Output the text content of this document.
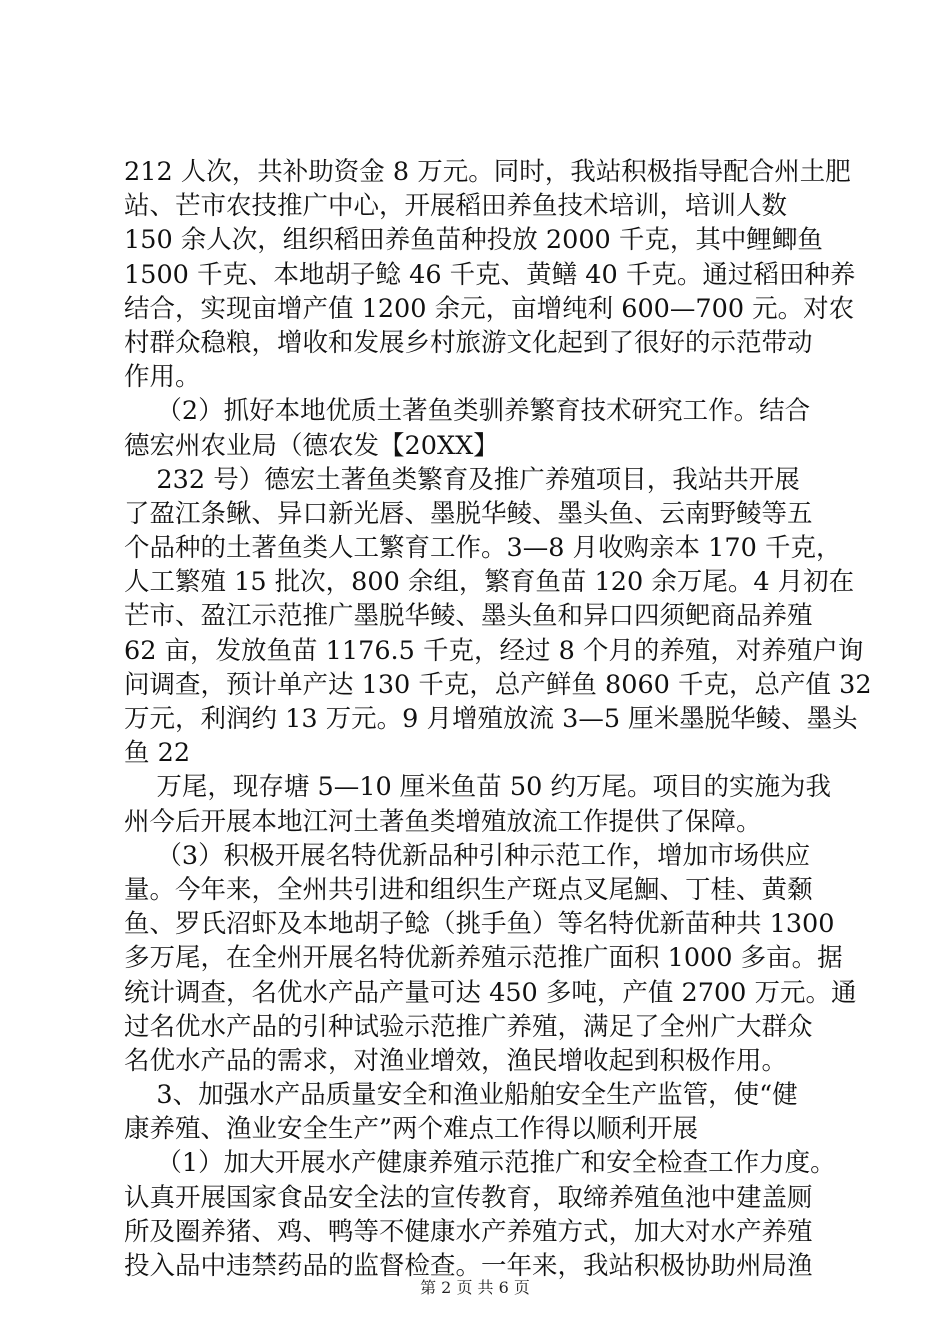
212 人次，共补助资金 8 万元。同时，我站积极指导配合州土肥
站、芒市农技推广中心，开展稻田养鱼技术培训，培训人数
150 余人次，组织稻田养鱼苗种投放 2000 千克，其中鲤鲫鱼
1500 千克、本地胡子鲶 46 千克、黄鳝 40 千克。通过稻田种养
结合，实现亩增产值 1200 余元，亩增纯利 600—700 元。对农
村群众稳粮，增收和发展乡村旅游文化起到了很好的示范带动
作用。
（2）抓好本地优质土著鱼类驯养繁育技术研究工作。结合
德宏州农业局（德农发【20XX】
232 号）德宏土著鱼类繁育及推广养殖项目，我站共开展
了盈江条鳅、异口新光唇、墨脱华鲮、墨头鱼、云南野鲮等五
个品种的土著鱼类人工繁育工作。3—8 月收购亲本 170 千克，
人工繁殖 15 批次，800 余组，繁育鱼苗 120 余万尾。4 月初在
芒市、盈江示范推广墨脱华鲮、墨头鱼和异口四须鲃商品养殖
62 亩，发放鱼苗 1176.5 千克，经过 8 个月的养殖，对养殖户询
问调查，预计单产达 130 千克，总产鲜鱼 8060 千克，总产值 32
万元，利润约 13 万元。9 月增殖放流 3—5 厘米墨脱华鲮、墨头
鱼 22
万尾，现存塘 5—10 厘米鱼苗 50 约万尾。项目的实施为我
州今后开展本地江河土著鱼类增殖放流工作提供了保障。
（3）积极开展名特优新品种引种示范工作，增加市场供应
量。今年来，全州共引进和组织生产斑点叉尾鮰、丁桂、黄颡
鱼、罗氏沼虾及本地胡子鲶（挑手鱼）等名特优新苗种共 1300
多万尾，在全州开展名特优新养殖示范推广面积 1000 多亩。据
统计调查，名优水产品产量可达 450 多吨，产值 2700 万元。通
过名优水产品的引种试验示范推广养殖，满足了全州广大群众
名优水产品的需求，对渔业增效，渔民增收起到积极作用。
3、加强水产品质量安全和渔业船舶安全生产监管，使“健
康养殖、渔业安全生产”两个难点工作得以顺利开展
（1）加大开展水产健康养殖示范推广和安全检查工作力度。
认真开展国家食品安全法的宣传教育，取缔养殖鱼池中建盖厕
所及圈养猪、鸡、鸭等不健康水产养殖方式，加大对水产养殖
投入品中违禁药品的监督检查。一年来，我站积极协助州局渔
第 2 页 共 6 页
